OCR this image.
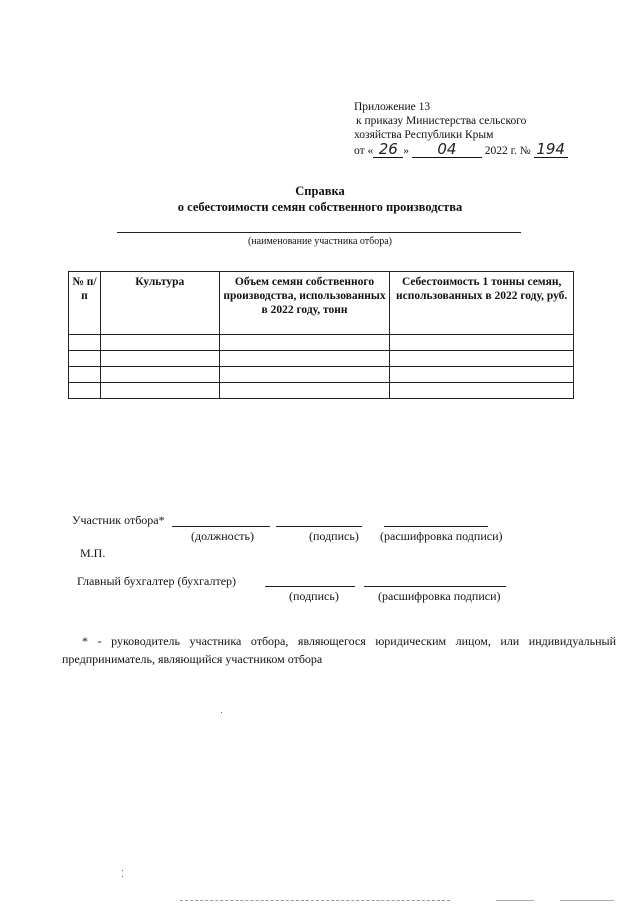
Приложение 13
к приказу Министерства сельского
хозяйства Республики Крым
от « 26 » 04 2022 г. № 194
Справка
о себестоимости семян собственного производства
(наименование участника отбора)
№ п/п	Культура	Объем семян собственного производства, использованных в 2022 году, тонн	Себестоимость 1 тонны семян, использованных в 2022 году, руб.

Участник отбора*
(должность)	(подпись) (расшифровка подписи)
М.П.
Главный бухгалтер (бухгалтер)
(подпись)	(расшифровка подписи)
* - руководитель участника отбора, являющегося юридическим лицом, или индивидуальный
предприниматель, являющийся участником отбора
